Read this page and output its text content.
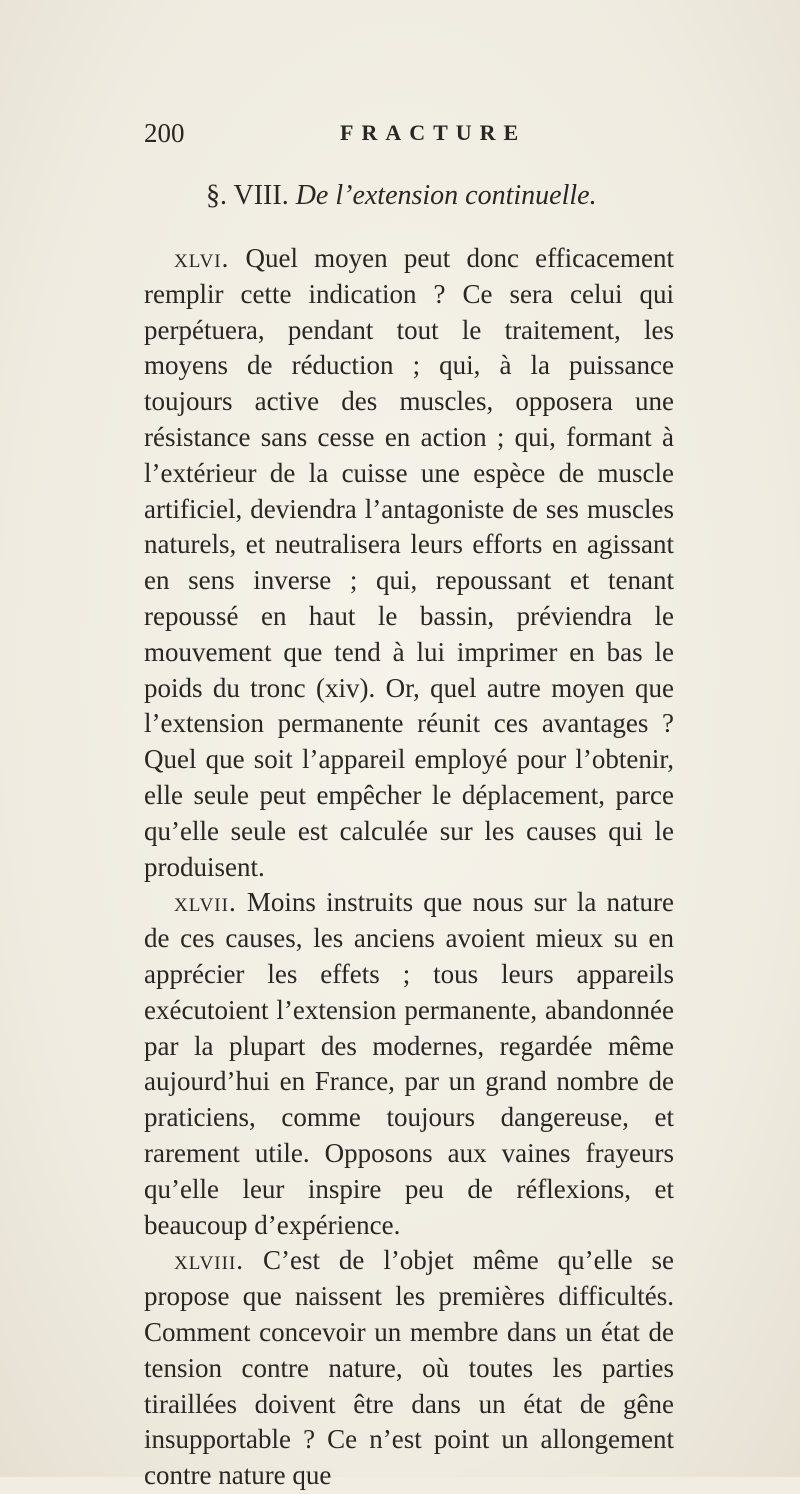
200	FRACTURE
§. VIII. De l’extension continuelle.

xlvi. Quel moyen peut donc efficacement remplir cette indication ? Ce sera celui qui perpétuera, pendant tout le traitement, les moyens de réduction ; qui, à la puissance toujours active des muscles, opposera une résistance sans cesse en action ; qui, formant à l’extérieur de la cuisse une espèce de muscle artificiel, deviendra l’antagoniste de ses muscles naturels, et neutralisera leurs efforts en agissant en sens inverse ; qui, repoussant et tenant repoussé en haut le bassin, préviendra le mouvement que tend à lui imprimer en bas le poids du tronc (xiv). Or, quel autre moyen que l’extension permanente réunit ces avantages ? Quel que soit l’appareil employé pour l’obtenir, elle seule peut empêcher le déplacement, parce qu’elle seule est calculée sur les causes qui le produisent.

xlvii. Moins instruits que nous sur la nature de ces causes, les anciens avoient mieux su en apprécier les effets ; tous leurs appareils exécutoient l’extension permanente, abandonnée par la plupart des modernes, regardée même aujourd’hui en France, par un grand nombre de praticiens, comme toujours dangereuse, et rarement utile. Opposons aux vaines frayeurs qu’elle leur inspire peu de réflexions, et beaucoup d’expérience.

xlviii. C’est de l’objet même qu’elle se propose que naissent les premières difficultés. Comment concevoir un membre dans un état de tension contre nature, où toutes les parties tiraillées doivent être dans un état de gêne insupportable ? Ce n’est point un allongement contre nature que
